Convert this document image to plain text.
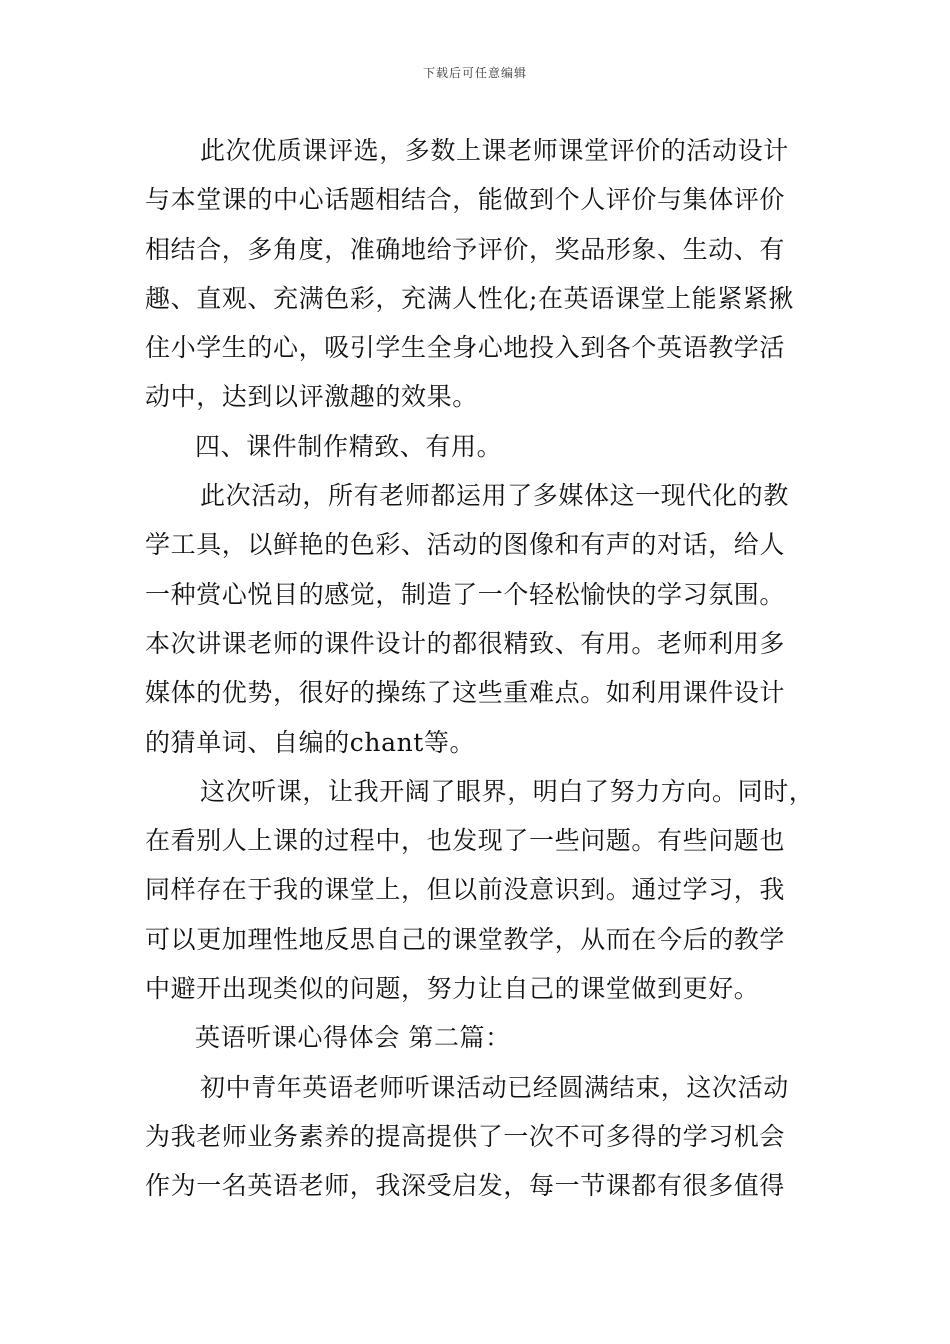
下载后可任意编辑
此次优质课评选，多数上课老师课堂评价的活动设计
与本堂课的中心话题相结合，能做到个人评价与集体评价
相结合，多角度，准确地给予评价，奖品形象、生动、有
趣、直观、充满色彩，充满人性化;在英语课堂上能紧紧揪
住小学生的心，吸引学生全身心地投入到各个英语教学活
动中，达到以评激趣的效果。
四、课件制作精致、有用。
此次活动，所有老师都运用了多媒体这一现代化的教
学工具，以鲜艳的色彩、活动的图像和有声的对话，给人
一种赏心悦目的感觉，制造了一个轻松愉快的学习氛围。
本次讲课老师的课件设计的都很精致、有用。老师利用多
媒体的优势，很好的操练了这些重难点。如利用课件设计
的猜单词、自编的chant等。
这次听课，让我开阔了眼界，明白了努力方向。同时，
在看别人上课的过程中，也发现了一些问题。有些问题也
同样存在于我的课堂上，但以前没意识到。通过学习，我
可以更加理性地反思自己的课堂教学，从而在今后的教学
中避开出现类似的问题，努力让自己的课堂做到更好。
英语听课心得体会 第二篇：
初中青年英语老师听课活动已经圆满结束，这次活动
为我老师业务素养的提高提供了一次不可多得的学习机会
作为一名英语老师，我深受启发，每一节课都有很多值得
